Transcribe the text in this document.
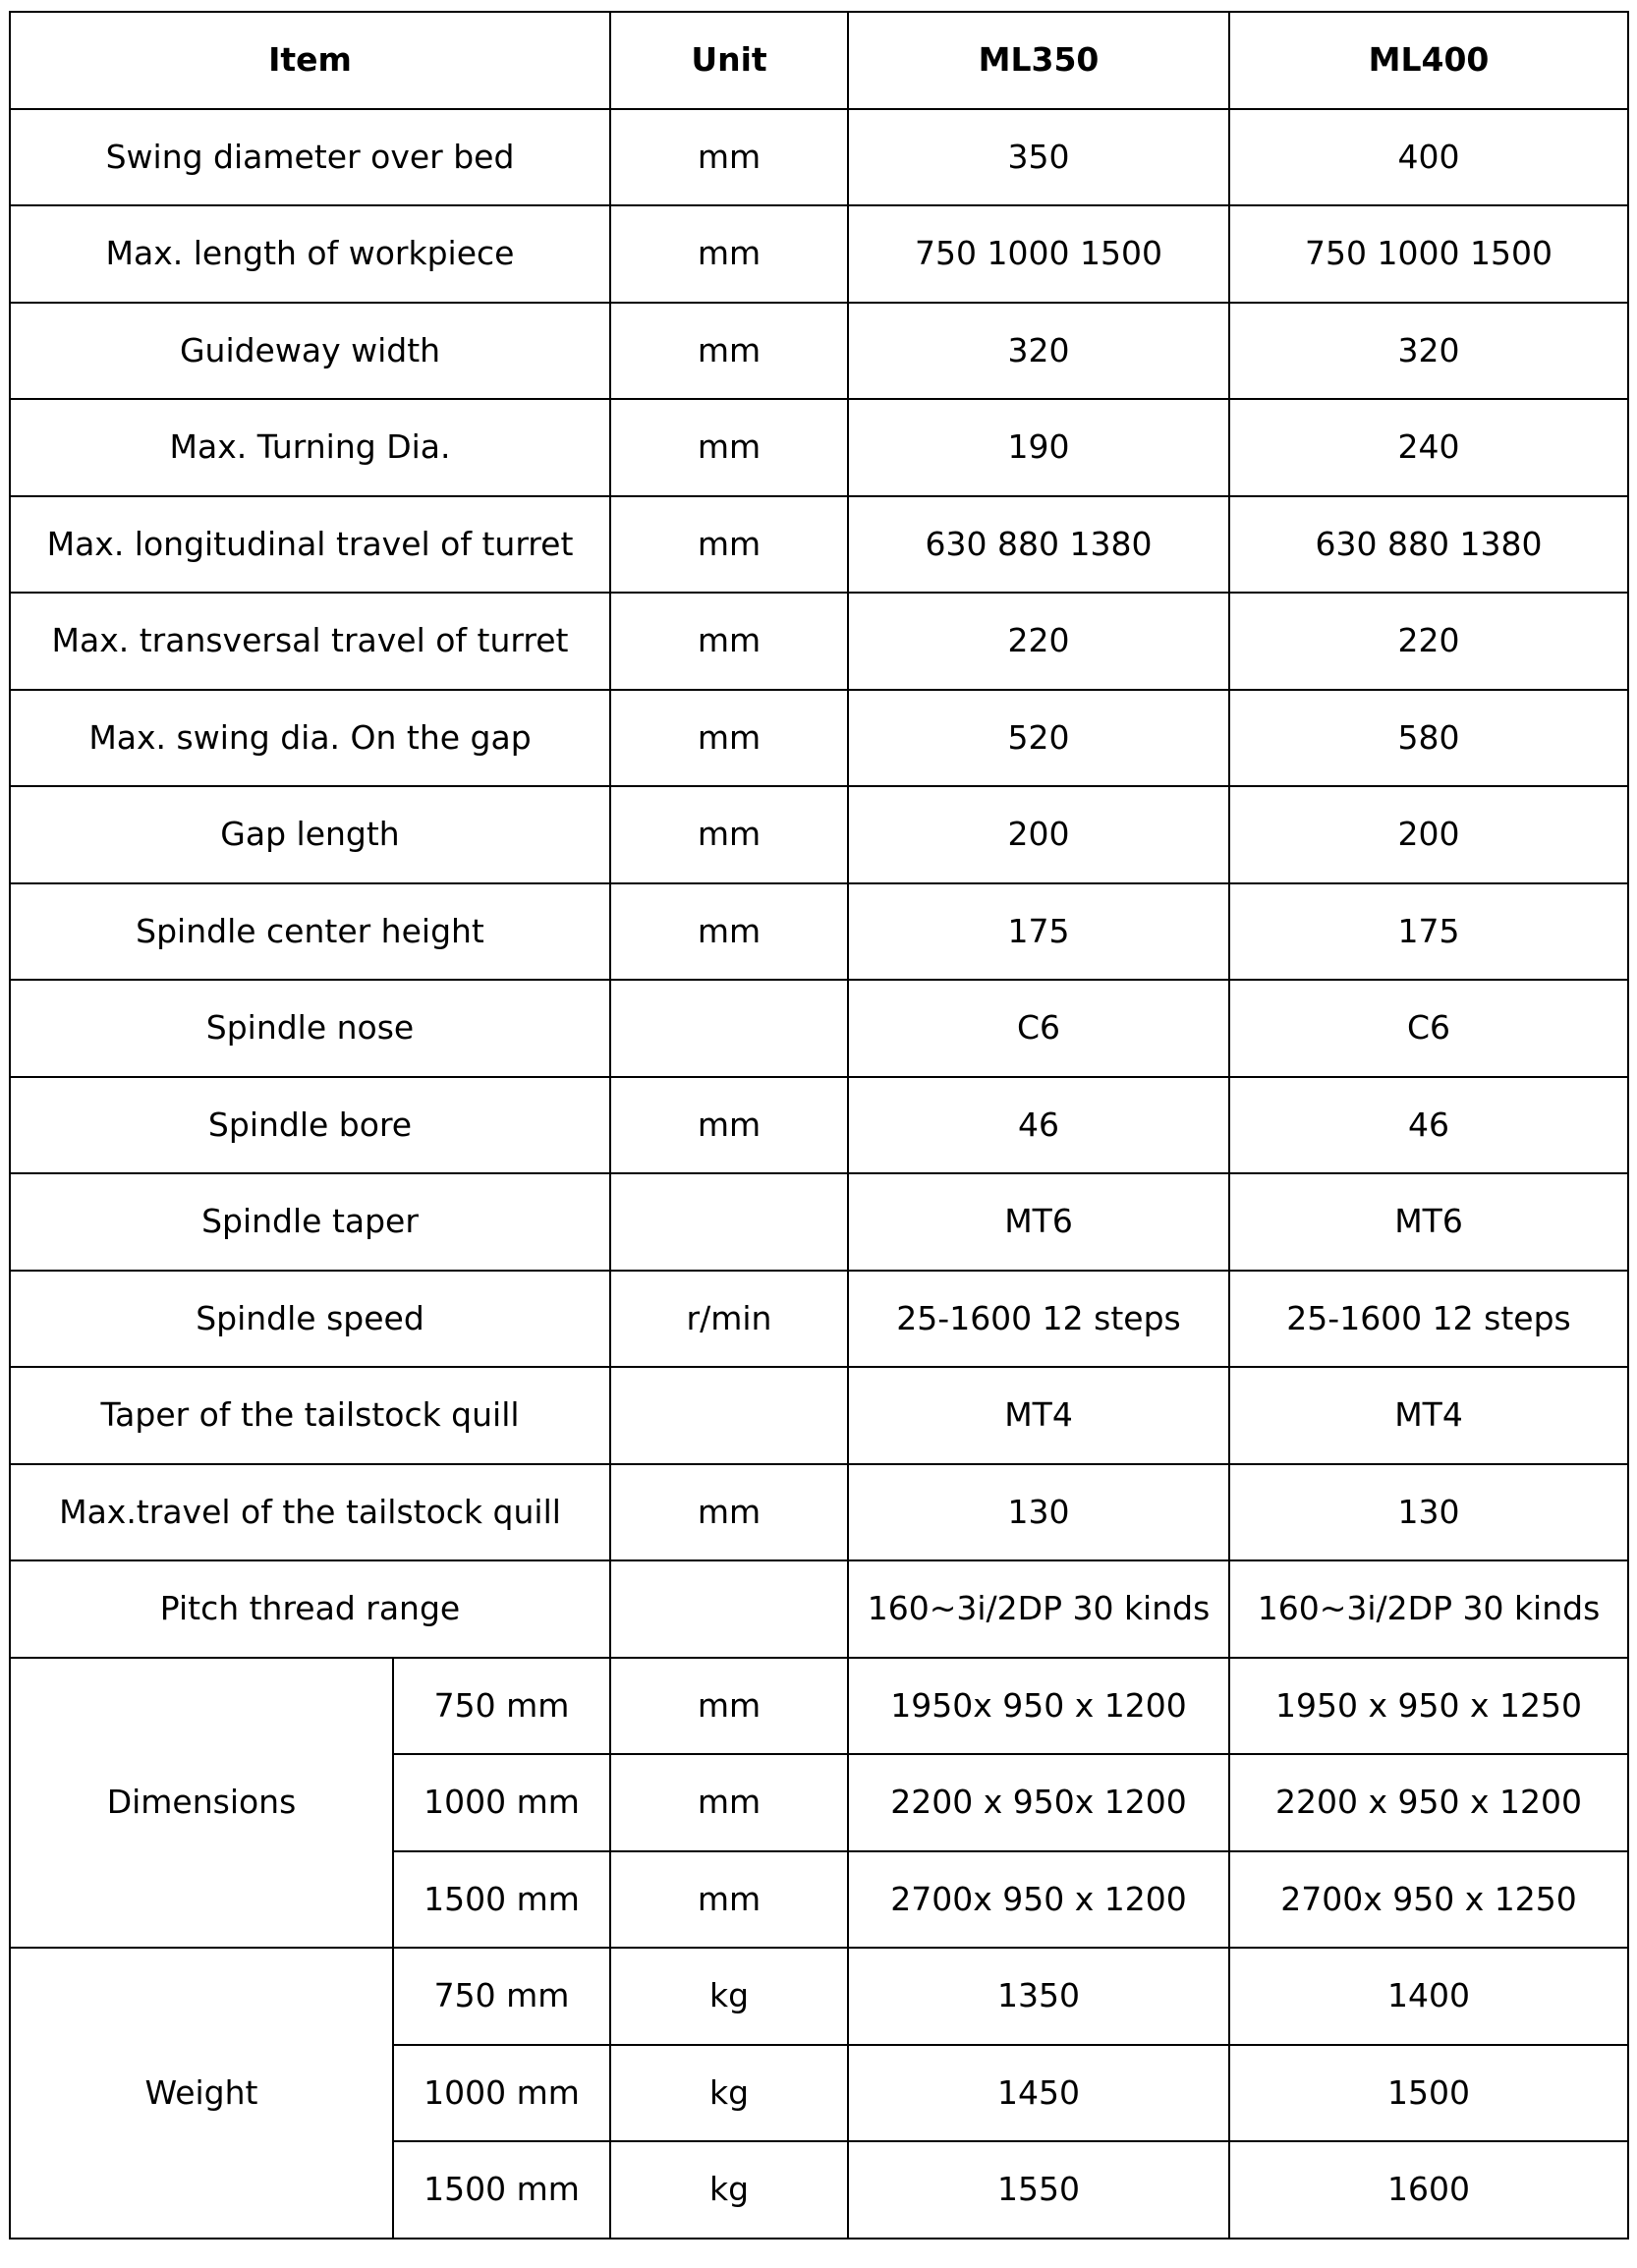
Item		Unit	ML350	ML400
Swing diameter over bed		mm	350	400
Max. length of workpiece		mm	750 1000 1500	750 1000 1500
Guideway width		mm	320	320
Max. Turning Dia.		mm	190	240
Max. longitudinal travel of turret		mm	630 880 1380	630 880 1380
Max. transversal travel of turret		mm	220	220
Max. swing dia. On the gap		mm	520	580
Gap length		mm	200	200
Spindle center height		mm	175	175
Spindle nose			C6	C6
Spindle bore		mm	46	46
Spindle taper			MT6	MT6
Spindle speed		r/min	25-1600 12 steps	25-1600 12 steps
Taper of the tailstock quill			MT4	MT4
Max.travel of the tailstock quill		mm	130	130
Pitch thread range			160~3i/2DP 30 kinds	160~3i/2DP 30 kinds
Dimensions	750 mm	mm	1950x 950 x 1200	1950 x 950 x 1250
	1000 mm	mm	2200 x 950x 1200	2200 x 950 x 1200
	1500 mm	mm	2700x 950 x 1200	2700x 950 x 1250
Weight	750 mm	kg	1350	1400
	1000 mm	kg	1450	1500
	1500 mm	kg	1550	1600
